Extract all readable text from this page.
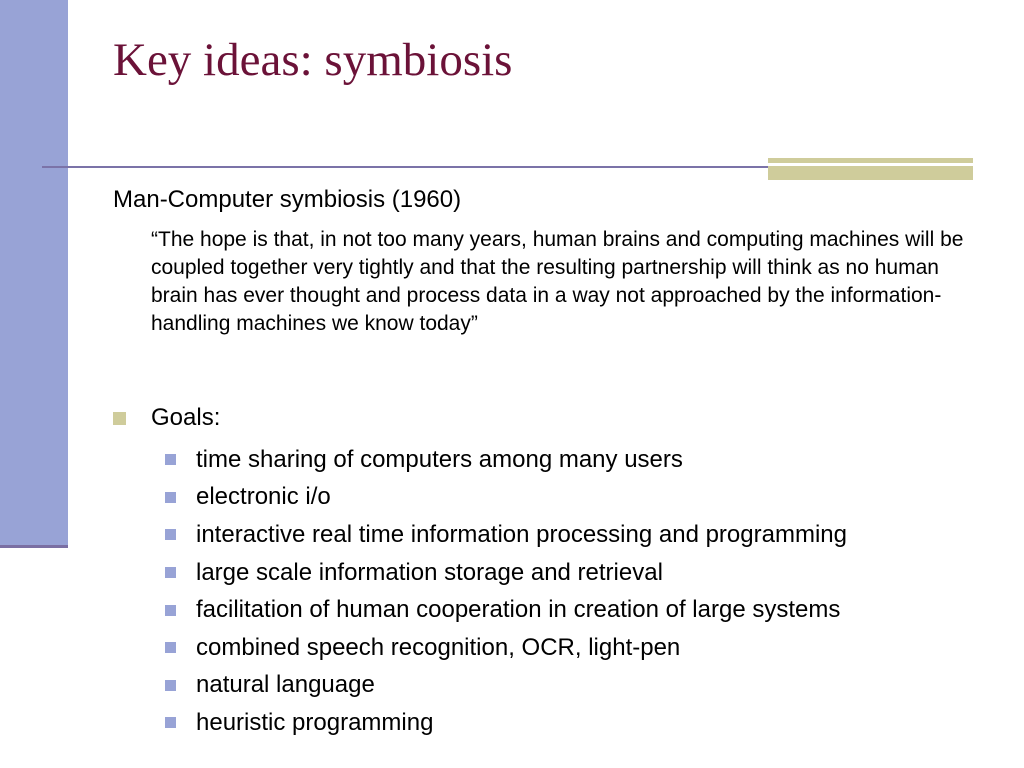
Key ideas: symbiosis
Man-Computer symbiosis (1960)
“The hope is that, in not too many years, human brains and computing machines will be coupled together very tightly and that the resulting partnership will think as no human brain has ever thought and process data in a way not approached by the information-handling machines we know today”
Goals:
time sharing of computers among many users
electronic i/o
interactive real time information processing and programming
large scale information storage and retrieval
facilitation of human cooperation in creation of large systems
combined speech recognition, OCR, light-pen
natural language
heuristic programming
